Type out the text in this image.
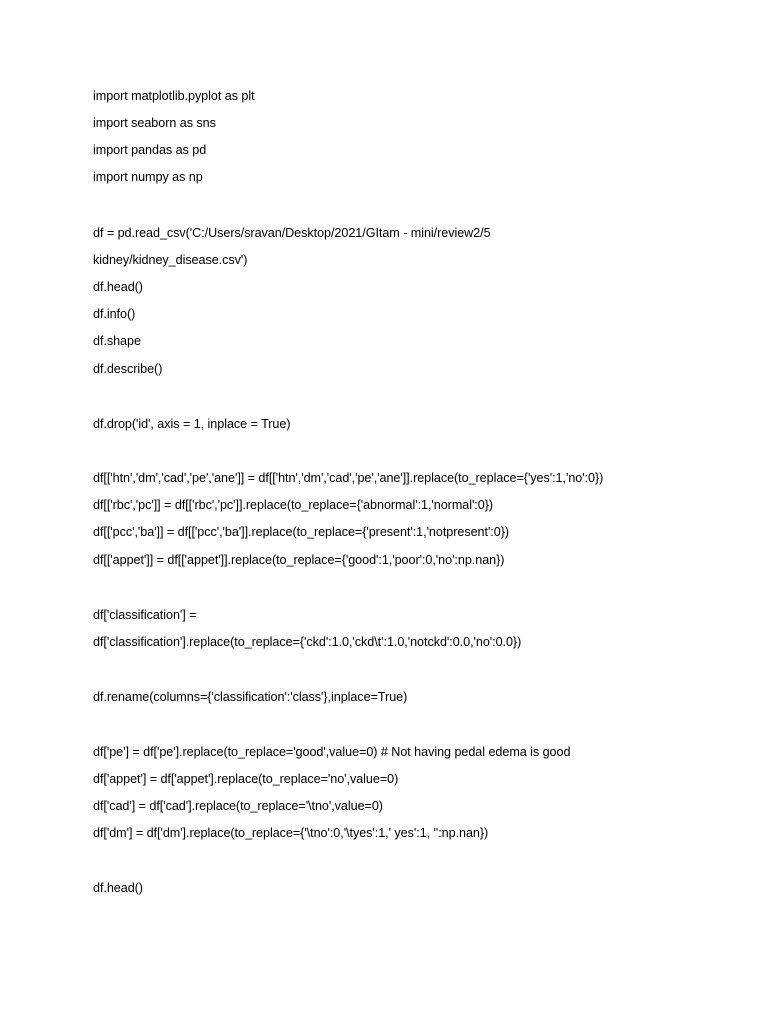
import matplotlib.pyplot as plt
import seaborn as sns
import pandas as pd
import numpy as np
df = pd.read_csv('C:/Users/sravan/Desktop/2021/GItam - mini/review2/5
kidney/kidney_disease.csv')
df.head()
df.info()
df.shape
df.describe()
df.drop('id', axis = 1, inplace = True)
df[['htn','dm','cad','pe','ane']] = df[['htn','dm','cad','pe','ane']].replace(to_replace={'yes':1,'no':0})
df[['rbc','pc']] = df[['rbc','pc']].replace(to_replace={'abnormal':1,'normal':0})
df[['pcc','ba']] = df[['pcc','ba']].replace(to_replace={'present':1,'notpresent':0})
df[['appet']] = df[['appet']].replace(to_replace={'good':1,'poor':0,'no':np.nan})
df['classification'] =
df['classification'].replace(to_replace={'ckd':1.0,'ckd\t':1.0,'notckd':0.0,'no':0.0})
df.rename(columns={'classification':'class'},inplace=True)
df['pe'] = df['pe'].replace(to_replace='good',value=0) # Not having pedal edema is good
df['appet'] = df['appet'].replace(to_replace='no',value=0)
df['cad'] = df['cad'].replace(to_replace='\tno',value=0)
df['dm'] = df['dm'].replace(to_replace={'\tno':0,'\tyes':1,' yes':1, '':np.nan})
df.head()
